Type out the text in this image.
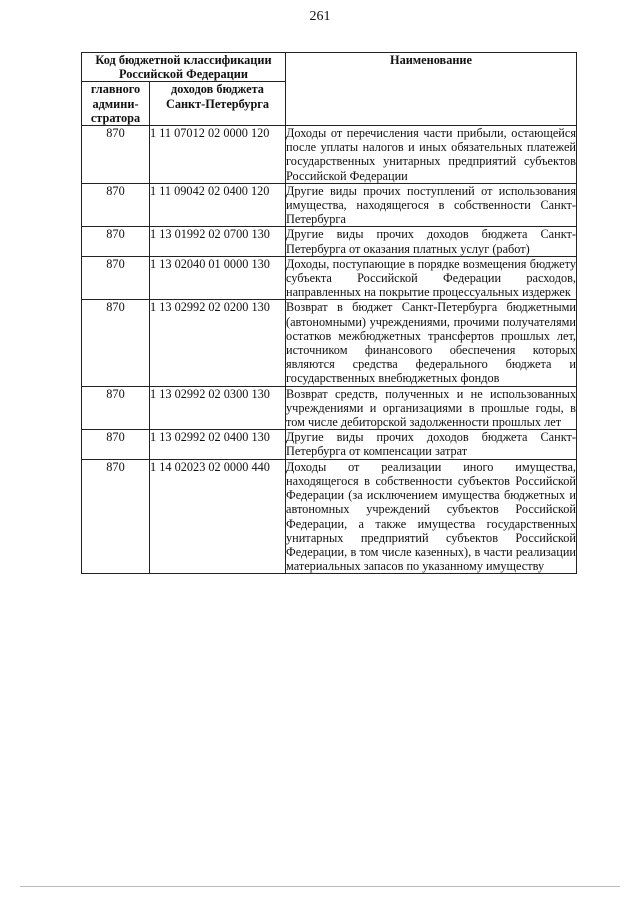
261
Код бюджетной классификации Российской Федерации		Наименование
главного админи-стратора	доходов бюджета Санкт-Петербурга	
870	1 11 07012 02 0000 120	Доходы от перечисления части прибыли, остающейся после уплаты налогов и иных обязательных платежей государственных унитарных предприятий субъектов Российской Федерации
870	1 11 09042 02 0400 120	Другие виды прочих поступлений от использования имущества, находящегося в собственности Санкт-Петербурга
870	1 13 01992 02 0700 130	Другие виды прочих доходов бюджета Санкт-Петербурга от оказания платных услуг (работ)
870	1 13 02040 01 0000 130	Доходы, поступающие в порядке возмещения бюджету субъекта Российской Федерации расходов, направленных на покрытие процессуальных издержек
870	1 13 02992 02 0200 130	Возврат в бюджет Санкт-Петербурга бюджетными (автономными) учреждениями, прочими получателями остатков межбюджетных трансфертов прошлых лет, источником финансового обеспечения которых являются средства федерального бюджета и государственных внебюджетных фондов
870	1 13 02992 02 0300 130	Возврат средств, полученных и не использованных учреждениями и организациями в прошлые годы, в том числе дебиторской задолженности прошлых лет
870	1 13 02992 02 0400 130	Другие виды прочих доходов бюджета Санкт-Петербурга от компенсации затрат
870	1 14 02023 02 0000 440	Доходы от реализации иного имущества, находящегося в собственности субъектов Российской Федерации (за исключением имущества бюджетных и автономных учреждений субъектов Российской Федерации, а также имущества государственных унитарных предприятий субъектов Российской Федерации, в том числе казенных), в части реализации материальных запасов по указанному имуществу
